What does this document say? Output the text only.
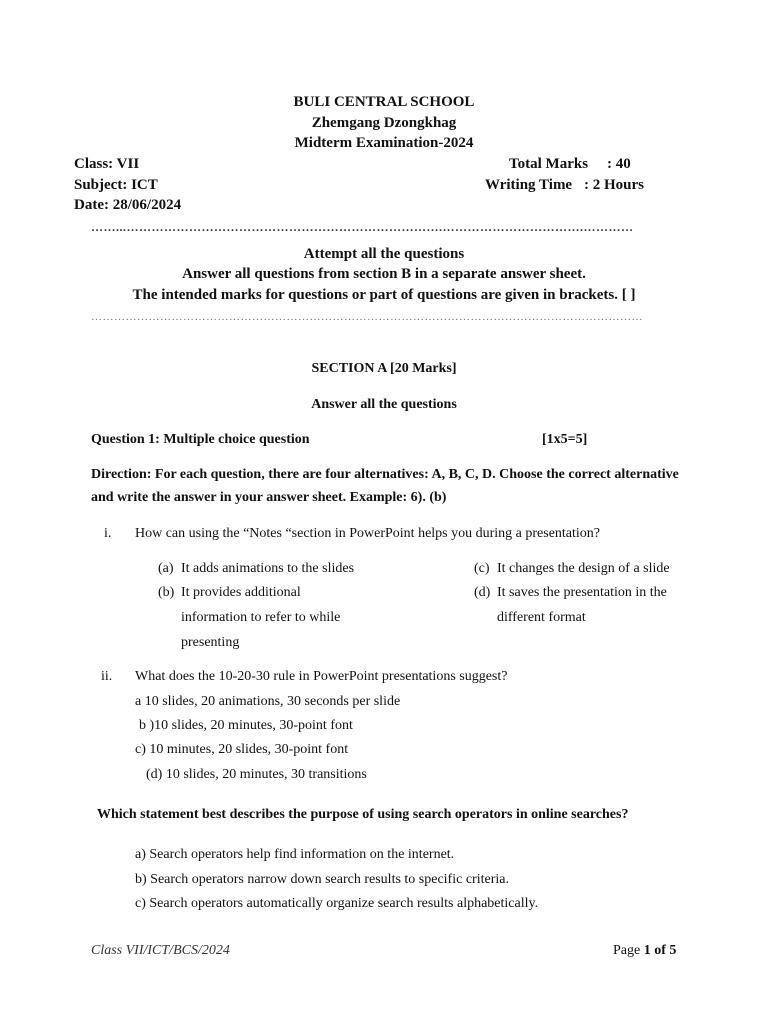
BULI CENTRAL SCHOOL
Zhemgang Dzongkhag
Midterm Examination-2024
Class: VII
Subject: ICT
Date: 28/06/2024
Total Marks : 40
Writing Time : 2 Hours
……...………………………………………………………………….…………………………….…………
Attempt all the questions
Answer all questions from section B in a separate answer sheet.
The intended marks for questions or part of questions are given in brackets. [ ]
………………………………………………………………………………………………………………………………
SECTION A [20 Marks]
Answer all the questions
Question 1: Multiple choice question	[1x5=5]
Direction: For each question, there are four alternatives: A, B, C, D. Choose the correct alternative
and write the answer in your answer sheet. Example: 6). (b)
i. How can using the “Notes “section in PowerPoint helps you during a presentation?
(a) It adds animations to the slides
(b) It provides additional
information to refer to while
presenting
(c) It changes the design of a slide
(d) It saves the presentation in the
different format
ii. What does the 10-20-30 rule in PowerPoint presentations suggest?
a 10 slides, 20 animations, 30 seconds per slide
b )10 slides, 20 minutes, 30-point font
c) 10 minutes, 20 slides, 30-point font
(d) 10 slides, 20 minutes, 30 transitions
Which statement best describes the purpose of using search operators in online searches?
a) Search operators help find information on the internet.
b) Search operators narrow down search results to specific criteria.
c) Search operators automatically organize search results alphabetically.
Class VII/ICT/BCS/2024	Page 1 of 5
